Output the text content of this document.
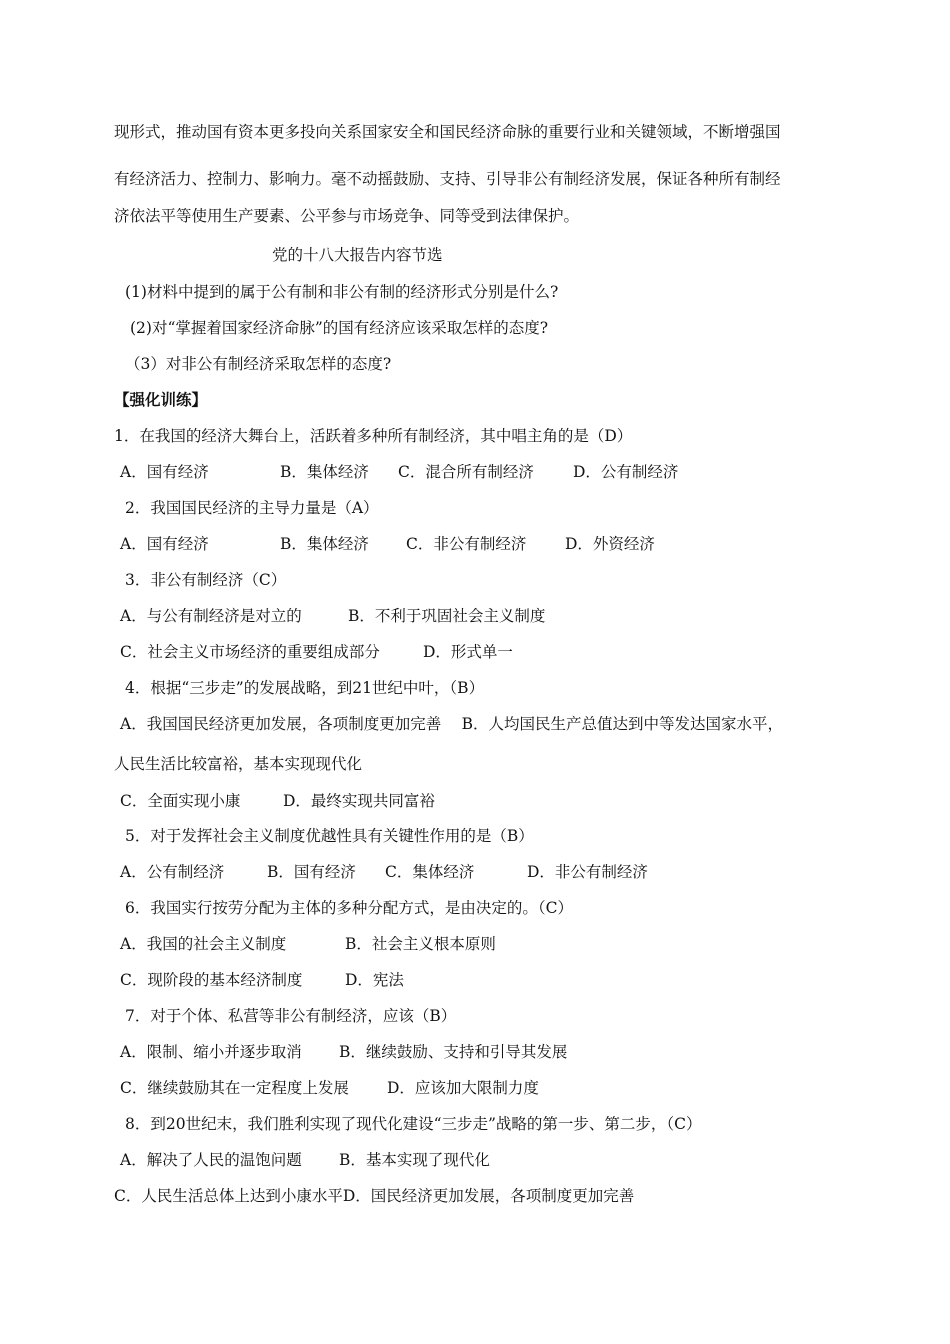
现形式，推动国有资本更多投向关系国家安全和国民经济命脉的重要行业和关键领域，不断增强国
有经济活力、控制力、影响力。毫不动摇鼓励、支持、引导非公有制经济发展，保证各种所有制经
济依法平等使用生产要素、公平参与市场竞争、同等受到法律保护。
党的十八大报告内容节选
(1)材料中提到的属于公有制和非公有制的经济形式分别是什么?
(2)对“掌握着国家经济命脉”的国有经济应该采取怎样的态度?
（3）对非公有制经济采取怎样的态度?
【强化训练】
1．在我国的经济大舞台上，活跃着多种所有制经济，其中唱主角的是（D）
A．国有经济	B．集体经济 C．混合所有制经济	D．公有制经济
2．我国国民经济的主导力量是（A）
A．国有经济	B．集体经济 C．非公有制经济 D．外资经济
3．非公有制经济（C）
A．与公有制经济是对立的	B．不利于巩固社会主义制度
C．社会主义市场经济的重要组成部分	D．形式单一
4．根据“三步走”的发展战略，到21世纪中叶，（B）
A．我国国民经济更加发展，各项制度更加完善　 B．人均国民生产总值达到中等发达国家水平，
人民生活比较富裕，基本实现现代化
C．全面实现小康	D．最终实现共同富裕
5．对于发挥社会主义制度优越性具有关键性作用的是（B）
A．公有制经济	B．国有经济 C．集体经济	D．非公有制经济
6．我国实行按劳分配为主体的多种分配方式，是由决定的。（C）
A．我国的社会主义制度	B．社会主义根本原则
C．现阶段的基本经济制度	D．宪法
7．对于个体、私营等非公有制经济，应该（B）
A．限制、缩小并逐步取消 B．继续鼓励、支持和引导其发展
C．继续鼓励其在一定程度上发展 D．应该加大限制力度
8．到20世纪末，我们胜利实现了现代化建设“三步走”战略的第一步、第二步，（C）
A．解决了人民的温饱问题 B．基本实现了现代化
C．人民生活总体上达到小康水平D．国民经济更加发展，各项制度更加完善
